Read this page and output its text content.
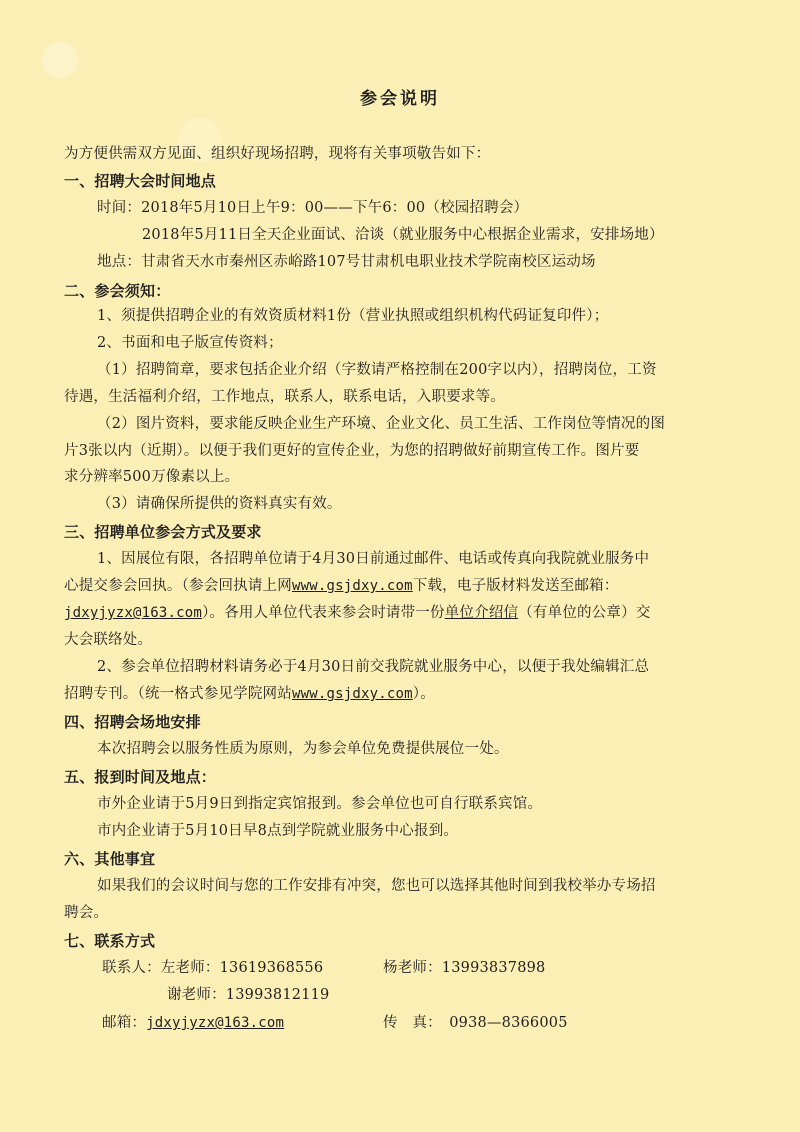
参会说明
为方便供需双方见面、组织好现场招聘，现将有关事项敬告如下：
一、招聘大会时间地点
时间：2018年5月10日上午9：00——下午6：00（校园招聘会）
2018年5月11日全天企业面试、洽谈（就业服务中心根据企业需求，安排场地）
地点：甘肃省天水市秦州区赤峪路107号甘肃机电职业技术学院南校区运动场
二、参会须知：
1、须提供招聘企业的有效资质材料1份（营业执照或组织机构代码证复印件）；
2、书面和电子版宣传资料；
（1）招聘简章，要求包括企业介绍（字数请严格控制在200字以内），招聘岗位，工资
待遇，生活福利介绍，工作地点，联系人，联系电话，入职要求等。
（2）图片资料，要求能反映企业生产环境、企业文化、员工生活、工作岗位等情况的图
片3张以内（近期）。以便于我们更好的宣传企业，为您的招聘做好前期宣传工作。图片要
求分辨率500万像素以上。
（3）请确保所提供的资料真实有效。
三、招聘单位参会方式及要求
1、因展位有限，各招聘单位请于4月30日前通过邮件、电话或传真向我院就业服务中
心提交参会回执。（参会回执请上网www.gsjdxy.com下载，电子版材料发送至邮箱：
jdxyjyzx@163.com）。各用人单位代表来参会时请带一份单位介绍信（有单位的公章）交
大会联络处。
2、参会单位招聘材料请务必于4月30日前交我院就业服务中心，以便于我处编辑汇总
招聘专刊。（统一格式参见学院网站www.gsjdxy.com）。
四、招聘会场地安排
本次招聘会以服务性质为原则，为参会单位免费提供展位一处。
五、报到时间及地点：
市外企业请于5月9日到指定宾馆报到。参会单位也可自行联系宾馆。
市内企业请于5月10日早8点到学院就业服务中心报到。
六、其他事宜
如果我们的会议时间与您的工作安排有冲突，您也可以选择其他时间到我校举办专场招
聘会。
七、联系方式
联系人：左老师：13619368556	杨老师：13993837898
谢老师：13993812119
邮箱：jdxyjyzx@163.com	传　真：　0938—8366005
